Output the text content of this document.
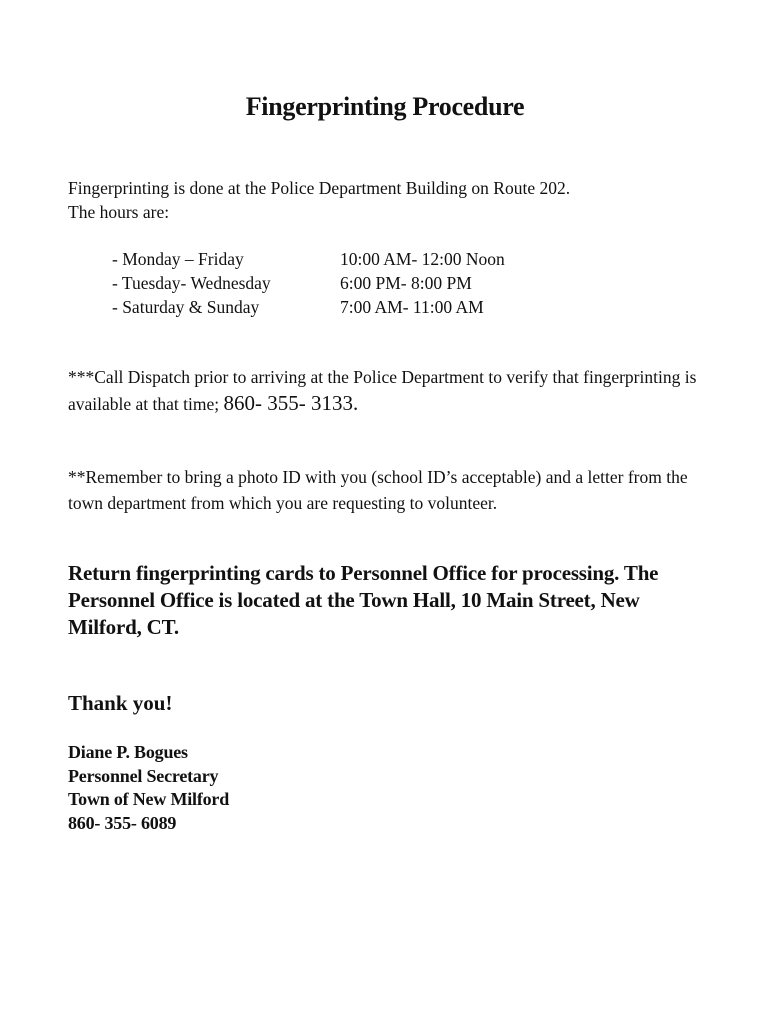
Fingerprinting Procedure
Fingerprinting is done at the Police Department Building on Route 202.
The hours are:
- Monday – Friday	10:00 AM- 12:00 Noon
- Tuesday- Wednesday	6:00 PM- 8:00 PM
- Saturday & Sunday	7:00 AM- 11:00 AM
***Call Dispatch prior to arriving at the Police Department to verify that fingerprinting is available at that time; 860- 355- 3133.
**Remember to bring a photo ID with you (school ID’s acceptable) and a letter from the town department from which you are requesting to volunteer.
Return fingerprinting cards to Personnel Office for processing. The Personnel Office is located at the Town Hall, 10 Main Street, New Milford, CT.
Thank you!
Diane P. Bogues
Personnel Secretary
Town of New Milford
860- 355- 6089
